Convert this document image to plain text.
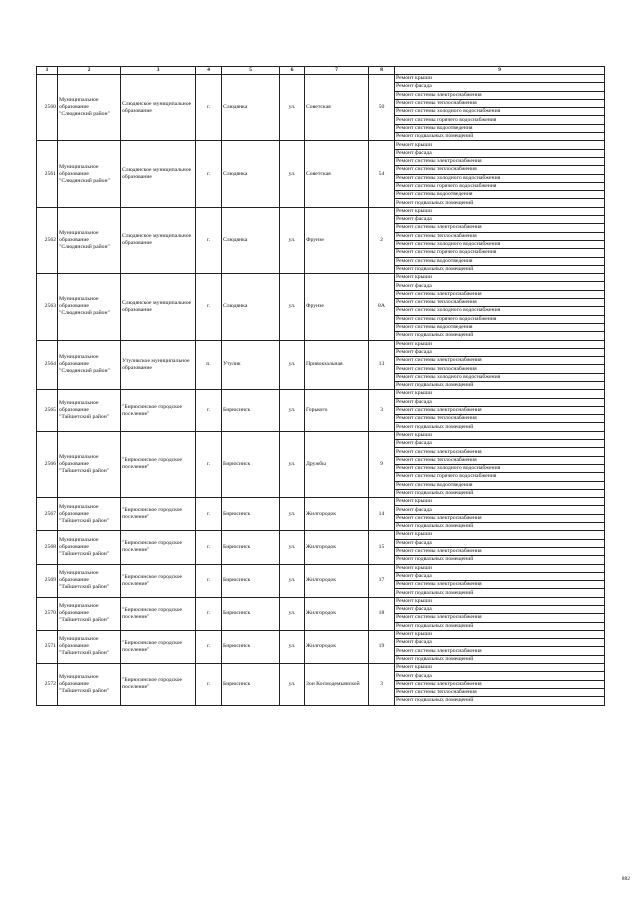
1	2	3	4	5	6	7	8	9
2560	Муниципальное образование "Слюдянский район"	Слюдянское муниципальное образование	г.	Слюдянка	ул.	Советская	50	Ремонт крыши
								Ремонт фасада
								Ремонт системы электроснабжения
								Ремонт системы теплоснабжения
								Ремонт системы холодного водоснабжения
								Ремонт системы горячего водоснабжения
								Ремонт системы водоотведения
								Ремонт подвальных помещений
2561	Муниципальное образование "Слюдянский район"	Слюдянское муниципальное образование	г.	Слюдянка	ул.	Советская	54	Ремонт крыши
								Ремонт фасада
								Ремонт системы электроснабжения
								Ремонт системы теплоснабжения
								Ремонт системы холодного водоснабжения
								Ремонт системы горячего водоснабжения
								Ремонт системы водоотведения
								Ремонт подвальных помещений
2562	Муниципальное образование "Слюдянский район"	Слюдянское муниципальное образование	г.	Слюдянка	ул.	Фрунзе	2	Ремонт крыши
								Ремонт фасада
								Ремонт системы электроснабжения
								Ремонт системы теплоснабжения
								Ремонт системы холодного водоснабжения
								Ремонт системы горячего водоснабжения
								Ремонт системы водоотведения
								Ремонт подвальных помещений
2563	Муниципальное образование "Слюдянский район"	Слюдянское муниципальное образование	г.	Слюдянка	ул.	Фрунзе	8А	Ремонт крыши
								Ремонт фасада
								Ремонт системы электроснабжения
								Ремонт системы теплоснабжения
								Ремонт системы холодного водоснабжения
								Ремонт системы горячего водоснабжения
								Ремонт системы водоотведения
								Ремонт подвальных помещений
2564	Муниципальное образование "Слюдянский район"	Утуликское муниципальное образование	п.	Утулик	ул.	Привокзальная	13	Ремонт крыши
								Ремонт фасада
								Ремонт системы электроснабжения
								Ремонт системы теплоснабжения
								Ремонт системы холодного водоснабжения
								Ремонт подвальных помещений
2565	Муниципальное образование "Тайшетский район"	"Бирюсинское городское поселение"	г.	Бирюсинск	ул.	Горького	3	Ремонт крыши
								Ремонт фасада
								Ремонт системы электроснабжения
								Ремонт системы теплоснабжения
								Ремонт подвальных помещений
2566	Муниципальное образование "Тайшетский район"	"Бирюсинское городское поселение"	г.	Бирюсинск	ул.	Дружбы	9	Ремонт крыши
								Ремонт фасада
								Ремонт системы электроснабжения
								Ремонт системы теплоснабжения
								Ремонт системы холодного водоснабжения
								Ремонт системы горячего водоснабжения
								Ремонт системы водоотведения
								Ремонт подвальных помещений
2567	Муниципальное образование "Тайшетский район"	"Бирюсинское городское поселение"	г.	Бирюсинск	ул.	Жилгородок	14	Ремонт крыши
								Ремонт фасада
								Ремонт системы электроснабжения
								Ремонт подвальных помещений
2568	Муниципальное образование "Тайшетский район"	"Бирюсинское городское поселение"	г.	Бирюсинск	ул.	Жилгородок	15	Ремонт крыши
								Ремонт фасада
								Ремонт системы электроснабжения
								Ремонт подвальных помещений
2569	Муниципальное образование "Тайшетский район"	"Бирюсинское городское поселение"	г.	Бирюсинск	ул.	Жилгородок	17	Ремонт крыши
								Ремонт фасада
								Ремонт системы электроснабжения
								Ремонт подвальных помещений
2570	Муниципальное образование "Тайшетский район"	"Бирюсинское городское поселение"	г.	Бирюсинск	ул.	Жилгородок	18	Ремонт крыши
								Ремонт фасада
								Ремонт системы электроснабжения
								Ремонт подвальных помещений
2571	Муниципальное образование "Тайшетский район"	"Бирюсинское городское поселение"	г.	Бирюсинск	ул.	Жилгородок	19	Ремонт крыши
								Ремонт фасада
								Ремонт системы электроснабжения
								Ремонт подвальных помещений
2572	Муниципальное образование "Тайшетский район"	"Бирюсинское городское поселение"	г.	Бирюсинск	ул.	Зои Космодемьянской	3	Ремонт крыши
								Ремонт фасада
								Ремонт системы электроснабжения
								Ремонт системы теплоснабжения
								Ремонт подвальных помещений
882
